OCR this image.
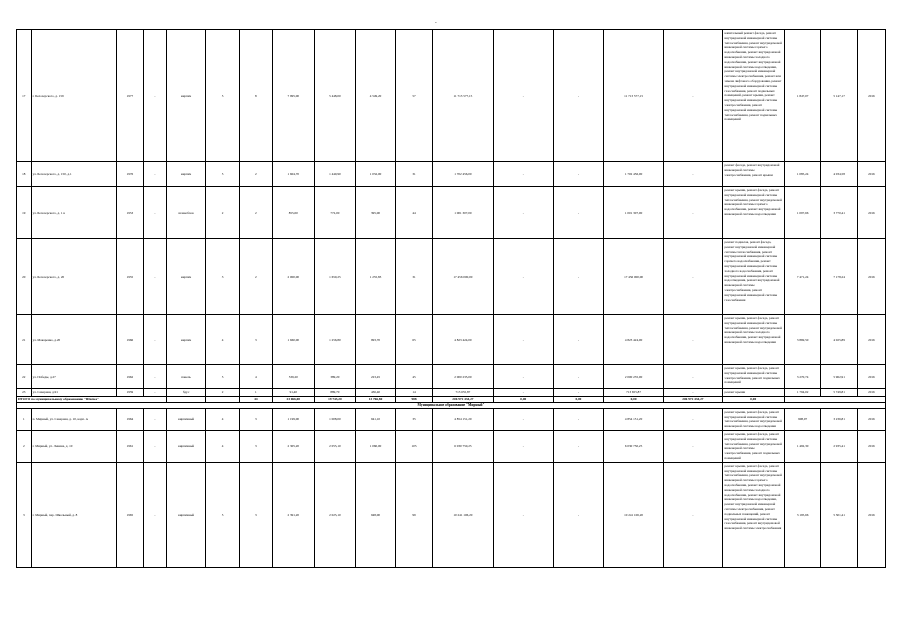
-
17	г. Белозерского, д. 159	1977	-	кирпич	5	8	7 995,00	5 448,00	4 549,20	57	11 713 577,15	-	-	11 713 577,15	-	капитальный ремонт фасада, ремонт внутридомовой инженерной системы теплоснабжения, ремонт внутридомовой инженерной системы горячего водоснабжения, ремонт внутридомовой инженерной системы холодного водоснабжения, ремонт внутридомовой инженерной системы водоотведения, ремонт внутридомовой инженерной системы электроснабжения, ремонт или замена лифтового оборудования, ремонт внутридомовой инженерной системы газоснабжения, ремонт подвальных помещений, ремонт крыши, ремонт внутридомовой инженерной системы электроснабжения, ремонт внутридомовой инженерной системы теплоснабжения, ремонт подвальных помещений	1 847,07	5 147,17	2016
18	ул. Белозерского, д. 150, д.1	1976	-	кирпич	5	2	1 604,70	1 440,90	1 032,00	31	1 702 456,00	-	-	1 702 456,00	-	ремонт фасада, ремонт внутридомовой инженерной системы электроснабжения, ремонт крыши	1 085,24	4 034,58	2016
19	ул. Белозерского, д. 1 в	1953	-	шлакоблок	2	2	855,00	772,00	395,00	44	1 001 307,00	-	-	1 001 307,00	-	ремонт крыши, ремонт фасада, ремонт внутридомовой инженерной системы теплоснабжения, ремонт внутридомовой инженерной системы горячего водоснабжения, ремонт внутридомовой инженерной системы водоотведения	1 097,66	3 770,41	2016
20	ул. Белозерского, д. 20	1955	-	кирпич	3	2	2 000,00	1 650,25	1 255,83	31	17 456 000,00	-	-	17 456 000,00	-	ремонт подвалов, ремонт фасада, ремонт внутридомовой инженерной системы теплоснабжения, ремонт внутридомовой инженерной системы горячего водоснабжения, ремонт внутридомовой инженерной системы холодного водоснабжения, ремонт внутридомовой инженерной системы водоотведения, ремонт внутридомовой инженерной системы электроснабжения, ремонт внутридомовой инженерной системы газоснабжения	7 471,24	7 178,24	2016
21	ул. Макаренко, д.20	1966	-	кирпич	4	3	1 660,00	1 256,80	993,70	65	4 823 424,00	-	-	4 823 424,00	-	ремонт крыши, ремонт фасада, ремонт внутридомовой инженерной системы теплоснабжения, ремонт внутридомовой инженерной системы холодного водоснабжения, ремонт внутридомовой инженерной системы водоотведения	3 869,50	4 025,89	2016
22	ул. Победы, д.27	1962	-	панель	5	4	539,20	389,20	223,45	45	2 000 235,00	-	-	2 000 235,00	-	ремонт крыши, ремонт фасада, ремонт внутридомовой инженерной системы электроснабжения, ремонт подвальных помещений	3 270,74	5 962,91	2016
23	ул. Северная, д.91	1959	-	брус	2	1	91,40	889,70	436,40	14	713 655,87	-	-	713 655,87	-	ремонт крыши	1 794,02	5 749,81	2016
ИТОГО по муниципальному образованию "Шилка"						44	23 066,00	19 743,20	13 766,80	988	206 972 434,27	0,00	0,00	0,00	206 972 434,27	0,00			
Муниципальное образование "Мирный"																			
1	п. Мирный, ул. Северная, д. 10, корп. А	1964	-	кирпичный	4	3	1 199,00	1 008,00	941,10	35	4 854 151,20	-	-	4 854 151,20	-	ремонт крыши, ремонт фасада, ремонт внутридомовой инженерной системы теплоснабжения, ремонт внутридомовой инженерной системы водоотведения	908,07	3 236,81	2016
2	г. Мирный, ул. Ленина, д. 10	1961	-	кирпичный	4	3	2 305,20	2 055,10	1 060,00	105	6 030 750,25	-	-	6 030 750,25	-	ремонт крыши, ремонт фасада, ремонт внутридомовой инженерной системы теплоснабжения, ремонт внутридомовой инженерной системы электроснабжения, ремонт подвальных помещений	1 492,30	2 935,41	2016
3	г. Мирный, пер. Школьный, д. 8	1965	-	кирпичный	5	3	2 391,20	2 025,10	948,00	99	10 241 106,20	-	-	10 241 106,20	-	ремонт крыши, ремонт фасада, ремонт внутридомовой инженерной системы теплоснабжения, ремонт внутридомовой инженерной системы горячего водоснабжения, ремонт внутридомовой инженерной системы холодного водоснабжения, ремонт внутридомовой инженерной системы водоотведения, ремонт внутридомовой инженерной системы электроснабжения, ремонт подвальных помещений, ремонт внутридомовой инженерной системы газоснабжения, ремонт внутридомовой инженерной системы электроснабжения	3 195,66	5 301,41	2016
